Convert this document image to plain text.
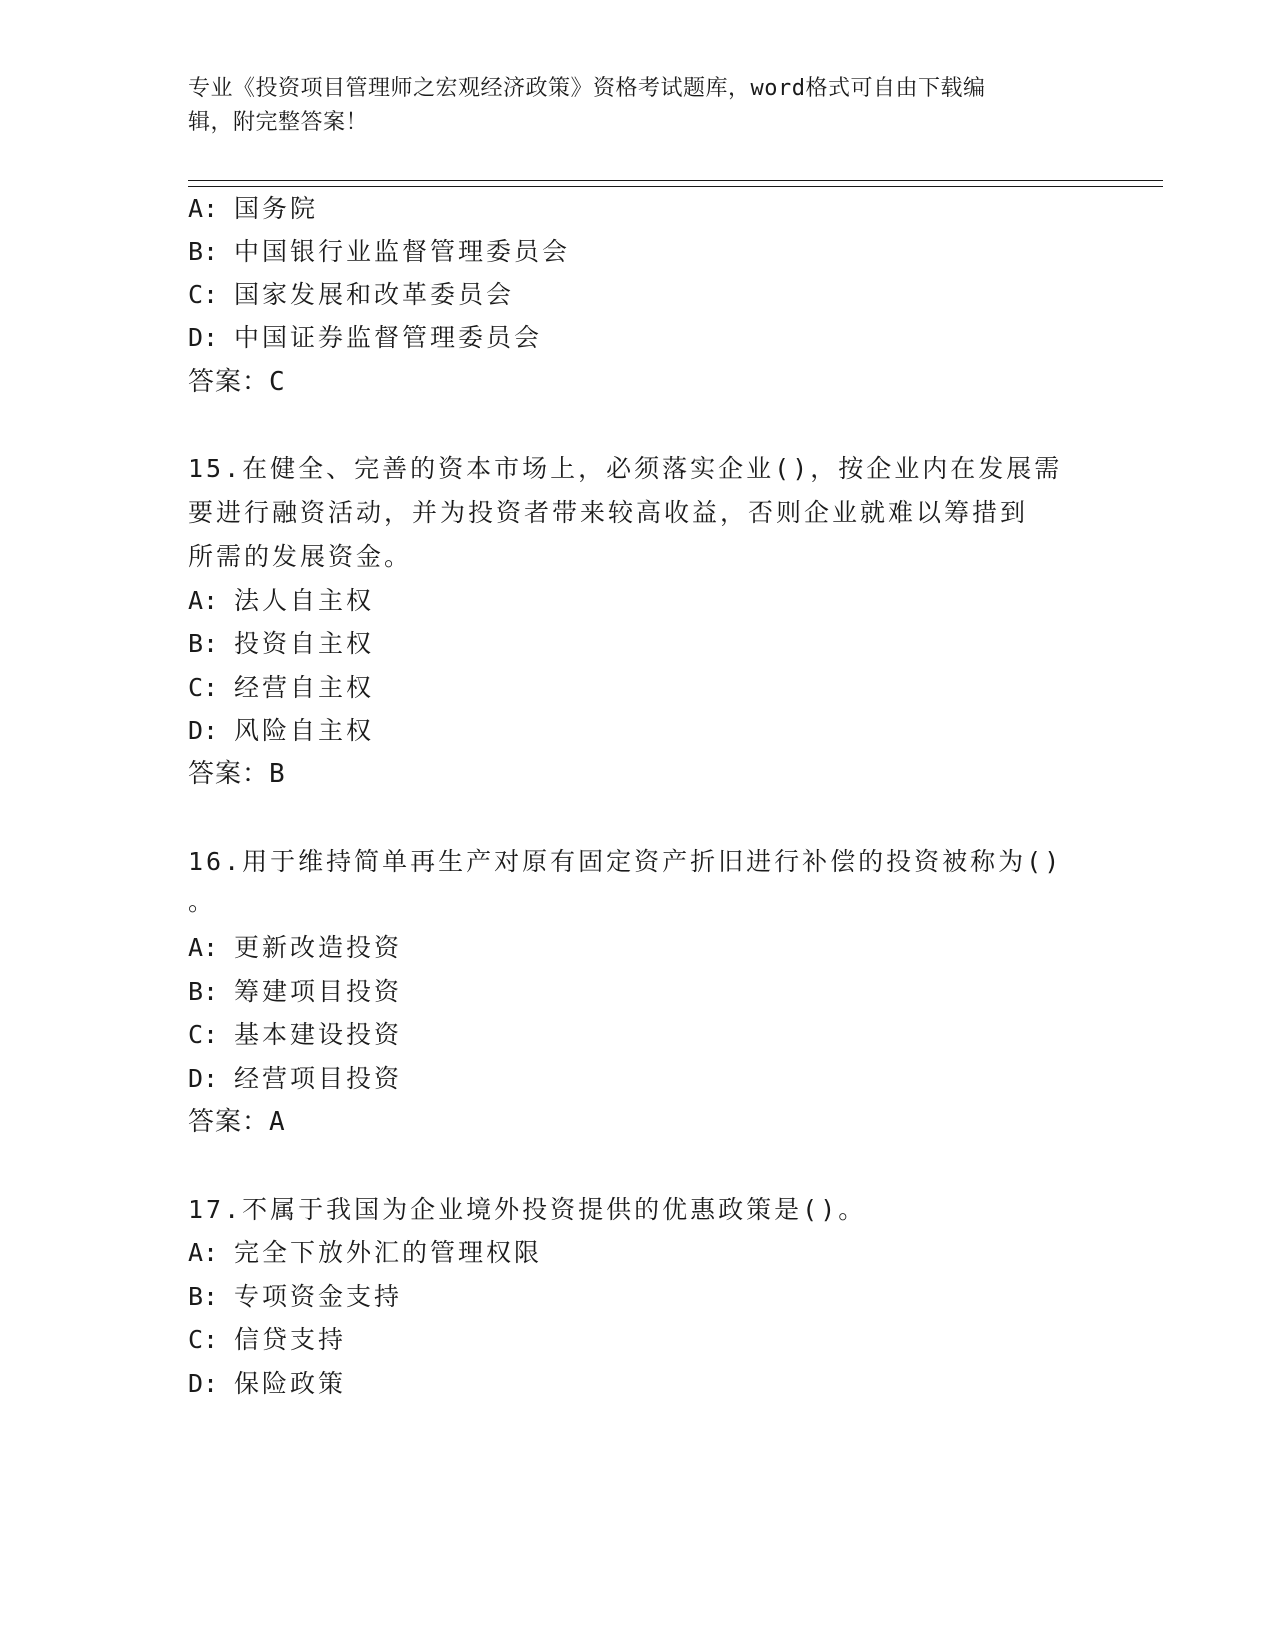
专业《投资项目管理师之宏观经济政策》资格考试题库，word格式可自由下载编
辑，附完整答案！
A: 国务院
B: 中国银行业监督管理委员会
C: 国家发展和改革委员会
D: 中国证券监督管理委员会
答案：C
15.在健全、完善的资本市场上，必须落实企业()，按企业内在发展需
要进行融资活动，并为投资者带来较高收益，否则企业就难以筹措到
所需的发展资金。
A: 法人自主权
B: 投资自主权
C: 经营自主权
D: 风险自主权
答案：B
16.用于维持简单再生产对原有固定资产折旧进行补偿的投资被称为()
。
A: 更新改造投资
B: 筹建项目投资
C: 基本建设投资
D: 经营项目投资
答案：A
17.不属于我国为企业境外投资提供的优惠政策是()。
A: 完全下放外汇的管理权限
B: 专项资金支持
C: 信贷支持
D: 保险政策
